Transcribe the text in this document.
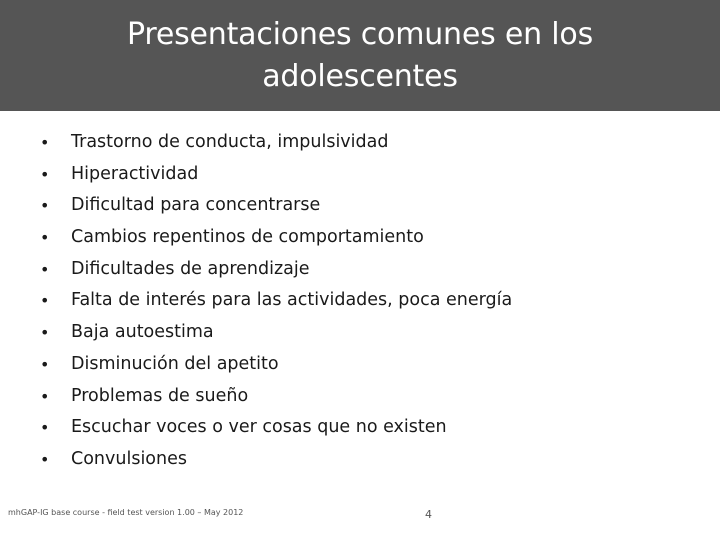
Presentaciones comunes en los adolescentes
• Trastorno de conducta, impulsividad
• Hiperactividad
• Dificultad para concentrarse
• Cambios repentinos de comportamiento
• Dificultades de aprendizaje
• Falta de interés para las actividades, poca energía
• Baja autoestima
• Disminución del apetito
• Problemas de sueño
• Escuchar voces o ver cosas que no existen
• Convulsiones
mhGAP-IG base course - field test version 1.00 – May 2012	4
